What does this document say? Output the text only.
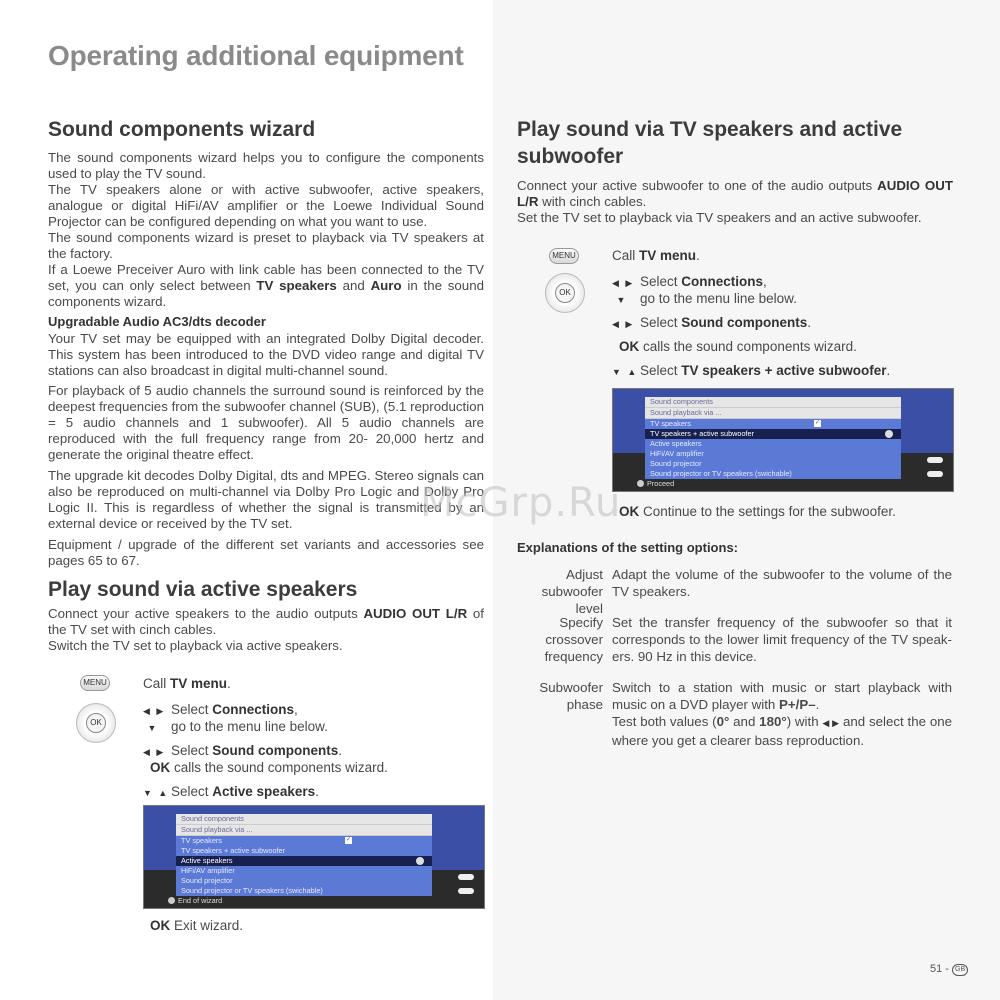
Operating additional equipment
Sound components wizard
The sound components wizard helps you to configure the components used to play the TV sound.
The TV speakers alone or with active subwoofer, active speakers, analogue or digital HiFi/AV amplifier or the Loewe Individual Sound Projector can be configured depending on what you want to use.
The sound components wizard is preset to playback via TV speakers at the factory.
If a Loewe Preceiver Auro with link cable has been connected to the TV set, you can only select between TV speakers and Auro in the sound components wizard.
Upgradable Audio AC3/dts decoder
Your TV set may be equipped with an integrated Dolby Digital decoder. This system has been introduced to the DVD video range and digital TV stations can also broadcast in digital multi-channel sound.
For playback of 5 audio channels the surround sound is reinforced by the deepest frequencies from the subwoofer channel (SUB), (5.1 reproduction = 5 audio channels and 1 subwoofer). All 5 audio channels are reproduced with the full frequency range from 20- 20,000 hertz and generate the original theatre effect.
The upgrade kit decodes Dolby Digital, dts and MPEG. Stereo signals can also be reproduced on multi-channel via Dolby Pro Logic and Dolby Pro Logic II. This is regardless of whether the signal is transmitted by an external device or received by the TV set.
Equipment / upgrade of the different set variants and accessories see pages 65 to 67.
Play sound via active speakers
Connect your active speakers to the audio outputs AUDIO OUT L/R of the TV set with cinch cables.
Switch the TV set to playback via active speakers.
MENU
OK
Call TV menu.
◀ ▶ Select Connections,
▼ go to the menu line below.
◀ ▶ Select Sound components.
OK calls the sound components wizard.
▼ ▲ Select Active speakers.
Sound components
Sound playback via ...
TV speakers	✓
TV speakers + active subwoofer
Active speakers
HiFi/AV amplifier
Sound projector
Sound projector or TV speakers (swichable)
End of wizard
OK Exit wizard.
Play sound via TV speakers and active
subwoofer
Connect your active subwoofer to one of the audio outputs AUDIO OUT L/R with cinch cables.
Set the TV set to playback via TV speakers and an active subwoofer.
MENU
OK
Call TV menu.
◀ ▶ Select Connections,
▼ go to the menu line below.
◀ ▶ Select Sound components.
OK calls the sound components wizard.
▼ ▲ Select TV speakers + active subwoofer.
Sound components
Sound playback via ...
TV speakers	✓
TV speakers + active subwoofer
Active speakers
HiFi/AV amplifier
Sound projector
Sound projector or TV speakers (swichable)
Proceed
OK Continue to the settings for the subwoofer.
Explanations of the setting options:
Adjust subwoofer level
Adapt the volume of the subwoofer to the volume of the TV speakers.
Specify crossover frequency
Set the transfer frequency of the subwoofer so that it corresponds to the lower limit frequency of the TV speak-ers. 90 Hz in this device.
Subwoofer phase
Switch to a station with music or start playback with music on a DVD player with P+/P–.
Test both values (0° and 180°) with ◀ ▶ and select the one where you get a clearer bass reproduction.
McGrp.Ru
51 - GB
